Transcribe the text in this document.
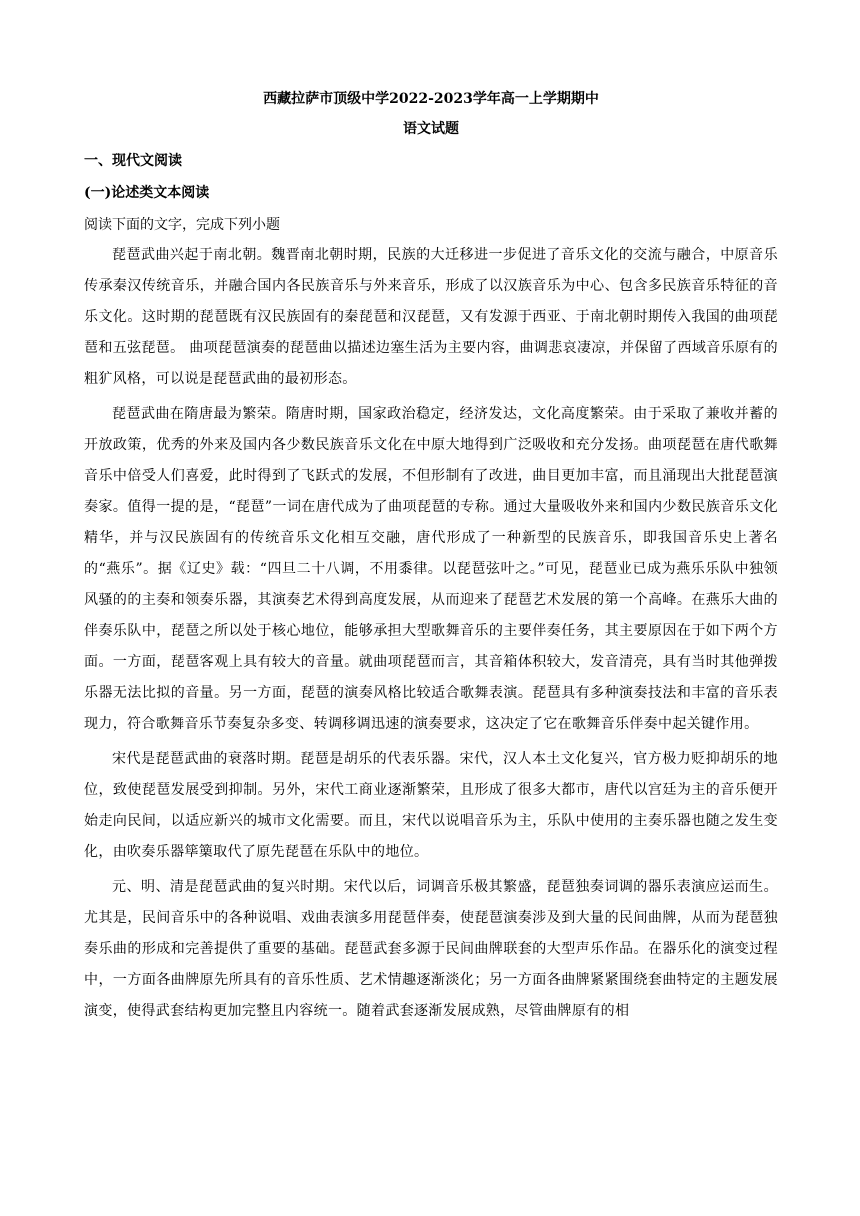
西藏拉萨市顶级中学2022-2023学年高一上学期期中
语文试题
一、现代文阅读
(一)论述类文本阅读
阅读下面的文字，完成下列小题

琵琶武曲兴起于南北朝。魏晋南北朝时期，民族的大迁移进一步促进了音乐文化的交流与融合，中原音乐传承秦汉传统音乐，并融合国内各民族音乐与外来音乐，形成了以汉族音乐为中心、包含多民族音乐特征的音乐文化。这时期的琵琶既有汉民族固有的秦琵琶和汉琵琶，又有发源于西亚、于南北朝时期传入我国的曲项琵琶和五弦琵琶。 曲项琵琶演奏的琵琶曲以描述边塞生活为主要内容，曲调悲哀凄凉，并保留了西域音乐原有的粗犷风格，可以说是琵琶武曲的最初形态。

琵琶武曲在隋唐最为繁荣。隋唐时期，国家政治稳定，经济发达，文化高度繁荣。由于采取了兼收并蓄的开放政策，优秀的外来及国内各少数民族音乐文化在中原大地得到广泛吸收和充分发扬。曲项琵琶在唐代歌舞音乐中倍受人们喜爱，此时得到了飞跃式的发展，不但形制有了改进，曲目更加丰富，而且涌现出大批琵琶演奏家。值得一提的是，“琵琶”一词在唐代成为了曲项琵琶的专称。通过大量吸收外来和国内少数民族音乐文化精华，并与汉民族固有的传统音乐文化相互交融，唐代形成了一种新型的民族音乐，即我国音乐史上著名的“燕乐”。据《辽史》载：“四旦二十八调，不用黍律。以琵琶弦叶之。”可见，琵琶业已成为燕乐乐队中独领风骚的的主奏和领奏乐器，其演奏艺术得到高度发展，从而迎来了琵琶艺术发展的第一个高峰。在燕乐大曲的伴奏乐队中，琵琶之所以处于核心地位，能够承担大型歌舞音乐的主要伴奏任务，其主要原因在于如下两个方面。一方面，琵琶客观上具有较大的音量。就曲项琵琶而言，其音箱体积较大，发音清亮，具有当时其他弹拨乐器无法比拟的音量。另一方面，琵琶的演奏风格比较适合歌舞表演。琵琶具有多种演奏技法和丰富的音乐表现力，符合歌舞音乐节奏复杂多变、转调移调迅速的演奏要求，这决定了它在歌舞音乐伴奏中起关键作用。

宋代是琵琶武曲的衰落时期。琵琶是胡乐的代表乐器。宋代，汉人本土文化复兴，官方极力贬抑胡乐的地位，致使琵琶发展受到抑制。另外，宋代工商业逐渐繁荣，且形成了很多大都市，唐代以宫廷为主的音乐便开始走向民间，以适应新兴的城市文化需要。而且，宋代以说唱音乐为主，乐队中使用的主奏乐器也随之发生变化，由吹奏乐器筚篥取代了原先琵琶在乐队中的地位。

元、明、清是琵琶武曲的复兴时期。宋代以后，词调音乐极其繁盛，琵琶独奏词调的器乐表演应运而生。尤其是，民间音乐中的各种说唱、戏曲表演多用琵琶伴奏，使琵琶演奏涉及到大量的民间曲牌，从而为琵琶独奏乐曲的形成和完善提供了重要的基础。琵琶武套多源于民间曲牌联套的大型声乐作品。在器乐化的演变过程中，一方面各曲牌原先所具有的音乐性质、艺术情趣逐渐淡化；另一方面各曲牌紧紧围绕套曲特定的主题发展演变，使得武套结构更加完整且内容统一。随着武套逐渐发展成熟，尽管曲牌原有的相
